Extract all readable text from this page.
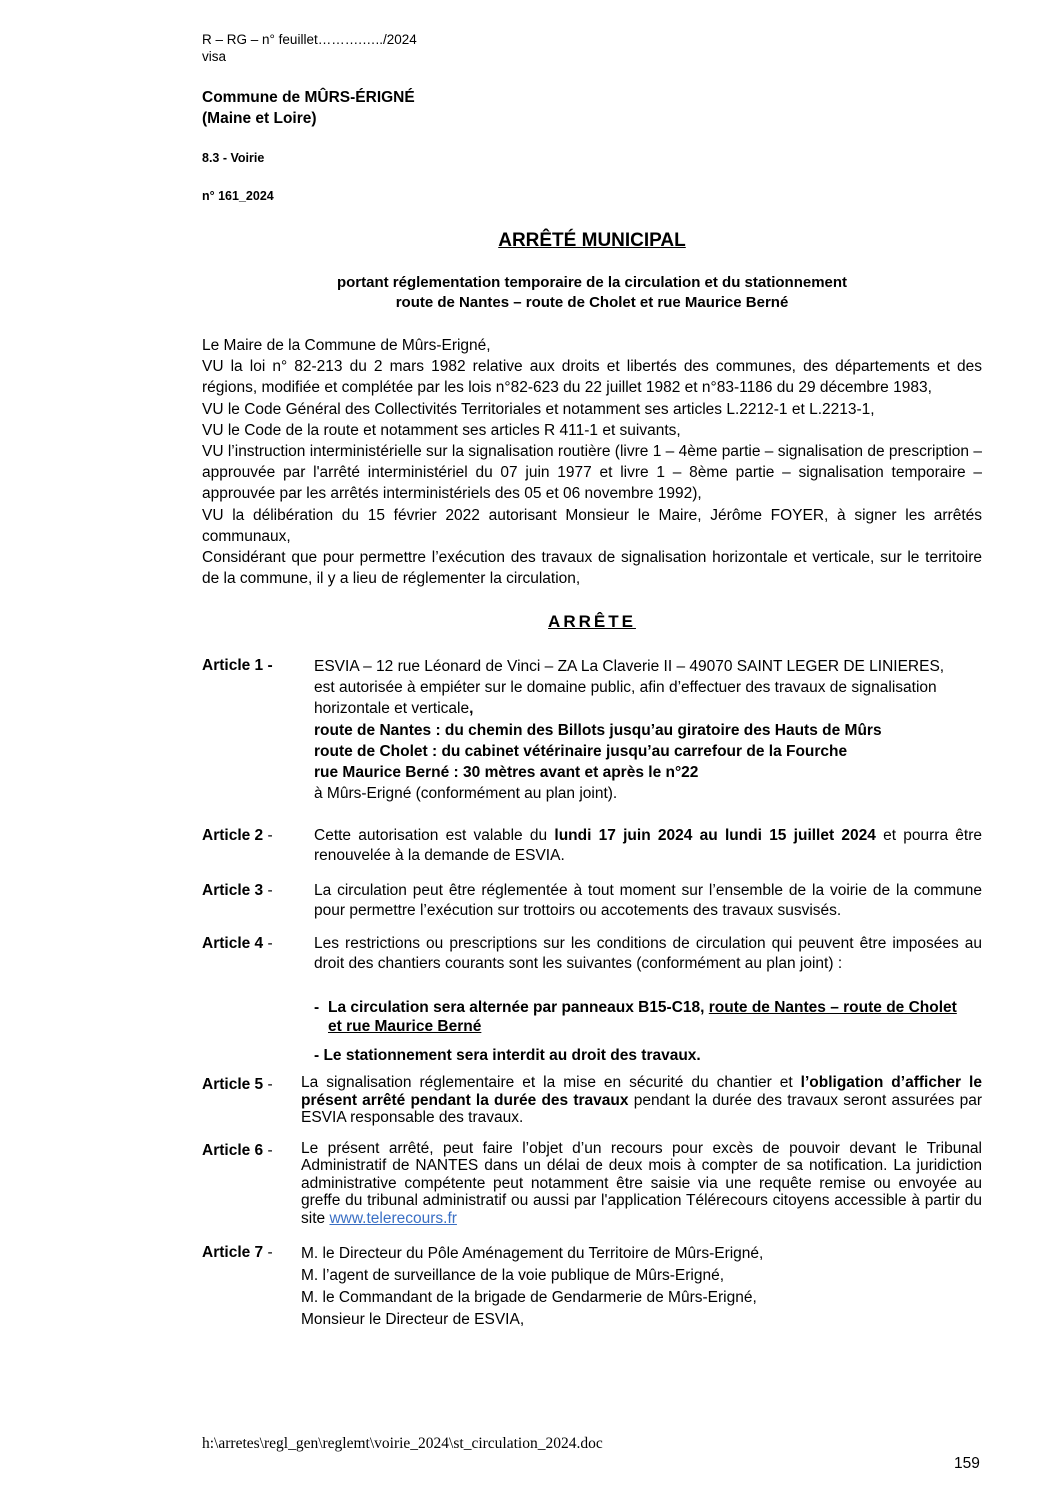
R – RG – n° feuillet……….…../2024
visa
Commune de MÛRS-ÉRIGNÉ
(Maine et Loire)
8.3 - Voirie
n° 161_2024
ARRÊTÉ MUNICIPAL
portant réglementation temporaire de la circulation et du stationnement
route de Nantes – route de Cholet et rue Maurice Berné

Le Maire de la Commune de Mûrs-Erigné,

VU la loi n° 82-213 du 2 mars 1982 relative aux droits et libertés des communes, des départements et des régions, modifiée et complétée par les lois n°82-623 du 22 juillet 1982 et n°83-1186 du 29 décembre 1983,

VU le Code Général des Collectivités Territoriales et notamment ses articles L.2212-1 et L.2213-1,

VU le Code de la route et notamment ses articles R 411-1 et suivants,

VU l’instruction interministérielle sur la signalisation routière (livre 1 – 4ème partie – signalisation de prescription – approuvée par l'arrêté interministériel du 07 juin 1977 et livre 1 – 8ème partie – signalisation temporaire – approuvée par les arrêtés interministériels des 05 et 06 novembre 1992),

VU la délibération du 15 février 2022 autorisant Monsieur le Maire, Jérôme FOYER, à signer les arrêtés communaux,

Considérant que pour permettre l’exécution des travaux de signalisation horizontale et verticale, sur le territoire de la commune, il y a lieu de réglementer la circulation,

ARRÊTE
Article 1 -	ESVIA – 12 rue Léonard de Vinci – ZA La Claverie II – 49070 SAINT LEGER DE LINIERES,

est autorisée à empiéter sur le domaine public, afin d’effectuer des travaux de signalisation horizontale et verticale,

route de Nantes : du chemin des Billots jusqu’au giratoire des Hauts de Mûrs

route de Cholet : du cabinet vétérinaire jusqu’au carrefour de la Fourche

rue Maurice Berné : 30 mètres avant et après le n°22

à Mûrs-Erigné (conformément au plan joint).

Article 2 -	Cette autorisation est valable du lundi 17 juin 2024 au lundi 15 juillet 2024 et pourra être renouvelée à la demande de ESVIA.
Article 3 -	La circulation peut être réglementée à tout moment sur l’ensemble de la voirie de la commune pour permettre l’exécution sur trottoirs ou accotements des travaux susvisés.
Article 4 -	Les restrictions ou prescriptions sur les conditions de circulation qui peuvent être imposées au droit des chantiers courants sont les suivantes (conformément au plan joint) :
- La circulation sera alternée par panneaux B15-C18, route de Nantes – route de Cholet
et rue Maurice Berné
- Le stationnement sera interdit au droit des travaux.
Article 5 - La signalisation réglementaire et la mise en sécurité du chantier et l’obligation d’afficher le présent arrêté pendant la durée des travaux pendant la durée des travaux seront assurées par ESVIA responsable des travaux.
Article 6 - Le présent arrêté, peut faire l’objet d’un recours pour excès de pouvoir devant le Tribunal Administratif de NANTES dans un délai de deux mois à compter de sa notification. La juridiction administrative compétente peut notamment être saisie via une requête remise ou envoyée au greffe du tribunal administratif ou aussi par l'application Télérecours citoyens accessible à partir du site www.telerecours.fr
Article 7 - M. le Directeur du Pôle Aménagement du Territoire de Mûrs-Erigné,

M. l’agent de surveillance de la voie publique de Mûrs-Erigné,

M. le Commandant de la brigade de Gendarmerie de Mûrs-Erigné,

Monsieur le Directeur de ESVIA,

h:\arretes\regl_gen\reglemt\voirie_2024\st_circulation_2024.doc
159
